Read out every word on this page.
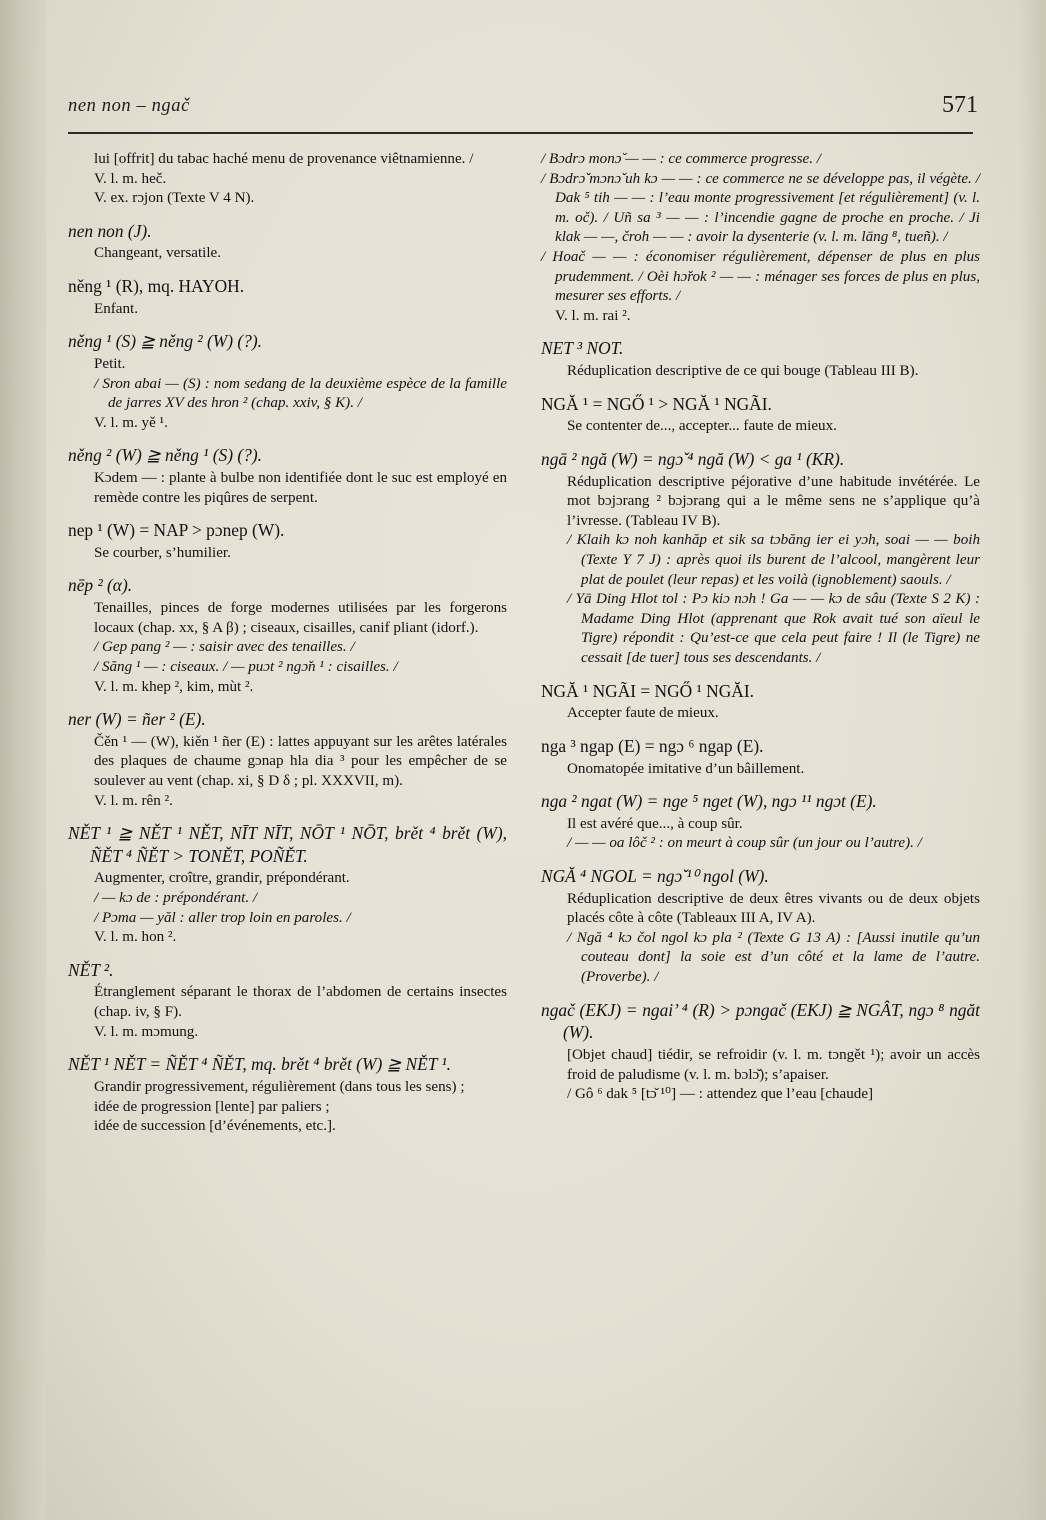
nen non – ngač	571
lui [offrit] du tabac haché menu de provenance viêtnamienne. /
V. l. m. heč.
V. ex. rɔjon (Texte V 4 N).
nen non (J).
Changeant, versatile.
něng ¹ (R), mq. HAYOH.
Enfant.
něng ¹ (S) ≧ něng ² (W) (?).
Petit.
/ Sron abai — (S) : nom sedang de la deuxième espèce de la famille de jarres XV des hron ² (chap. xxiv, § K). /
V. l. m. yě ¹.
něng ² (W) ≧ něng ¹ (S) (?).
Kɔdem — : plante à bulbe non identifiée dont le suc est employé en remède contre les piqûres de serpent.
nep ¹ (W) = NAP > pɔnep (W).
Se courber, s’humilier.
nēp ² (α).
Tenailles, pinces de forge modernes utilisées par les forgerons locaux (chap. xx, § A β) ; ciseaux, cisailles, canif pliant (idorf.).
/ Gep pang ² — : saisir avec des tenailles. /
/ Săng ¹ — : ciseaux. / — puɔt ² ngɔ̌n ¹ : cisailles. /
V. l. m. khep ², kim, mùt ².
ner (W) = ñer ² (E).
Čěn ¹ — (W), kiěn ¹ ñer (E) : lattes appuyant sur les arêtes latérales des plaques de chaume gɔnap hla dia ³ pour les empêcher de se soulever au vent (chap. xi, § D δ ; pl. XXXVII, m).
V. l. m. rên ².
NĚT ¹ ≧ NĚT ¹ NĚT, NĪT NĪT, NŌT ¹ NŌT, brět ⁴ brět (W), ÑĚT ⁴ ÑĚT > TONĚT, POÑĚT.
Augmenter, croître, grandir, prépondérant.
/ — kɔ de : prépondérant. /
/ Pɔma — yăl : aller trop loin en paroles. /
V. l. m. hon ².
NĚT ².
Étranglement séparant le thorax de l’abdomen de certains insectes (chap. iv, § F).
V. l. m. mɔmung.
NĚT ¹ NĚT = ÑĚT ⁴ ÑĚT, mq. brět ⁴ brět (W) ≧ NĚT ¹.
Grandir progressivement, régulièrement (dans tous les sens) ;
idée de progression [lente] par paliers ;
idée de succession [d’événements, etc.].
/ Bɔdrɔ monɔ̌ — — : ce commerce progresse. /
/ Bɔdrɔ̌ mɔnɔ̌ uh kɔ — — : ce commerce ne se développe pas, il végète. / Dak ⁵ tih — — : l’eau monte progressivement [et régulièrement] (v. l. m. oč). / Uñ sa ³ — — : l’incendie gagne de proche en proche. / Ji klak — —, čroh — — : avoir la dysenterie (v. l. m. lāng ⁸, tueñ). /
/ Hoač — — : économiser régulièrement, dépenser de plus en plus prudemment. / Oèi hɔ̌rok ² — — : ménager ses forces de plus en plus, mesurer ses efforts. /
V. l. m. rai ².
NET ³ NOT.
Réduplication descriptive de ce qui bouge (Tableau III B).
NGĂ ¹ = NGŐ ¹ > NGĂ ¹ NGÃI.
Se contenter de..., accepter... faute de mieux.
ngā ² ngă (W) = ngɔ̌ ⁴ ngă (W) < ga ¹ (KR).
Réduplication descriptive péjorative d’une habitude invétérée. Le mot bɔjɔrang ² bɔjɔrang qui a le même sens ne s’applique qu’à l’ivresse. (Tableau IV B).
/ Klaih kɔ noh kanhăp et sik sa tɔbăng ier ei yɔh, soai — — boih (Texte Y 7 J) : après quoi ils burent de l’alcool, mangèrent leur plat de poulet (leur repas) et les voilà (ignoblement) saouls. /
/ Yā Ding Hlot tol : Pɔ kiɔ nɔh ! Ga — — kɔ de sâu (Texte S 2 K) : Madame Ding Hlot (apprenant que Rok avait tué son aïeul le Tigre) répondit : Qu’est-ce que cela peut faire ! Il (le Tigre) ne cessait [de tuer] tous ses descendants. /
NGĂ ¹ NGÃI = NGŐ ¹ NGĂI.
Accepter faute de mieux.
nga ³ ngap (E) = ngɔ ⁶ ngap (E).
Onomatopée imitative d’un bâillement.
nga ² ngat (W) = nge ⁵ nget (W), ngɔ ¹¹ ngɔt (E).
Il est avéré que..., à coup sûr.
/ — — oa lôč ² : on meurt à coup sûr (un jour ou l’autre). /
NGĂ ⁴ NGOL = ngɔ̌ ¹⁰ ngol (W).
Réduplication descriptive de deux êtres vivants ou de deux objets placés côte à côte (Tableaux III A, IV A).
/ Ngă ⁴ kɔ čol ngol kɔ pla ² (Texte G 13 A) : [Aussi inutile qu’un couteau dont] la soie est d’un côté et la lame de l’autre. (Proverbe). /
ngač (EKJ) = ngai’ ⁴ (R) > pɔngač (EKJ) ≧ NGÂT, ngɔ ⁸ ngăt (W).
[Objet chaud] tiédir, se refroidir (v. l. m. tɔngět ¹); avoir un accès froid de paludisme (v. l. m. bɔlɔ̌); s’apaiser.
/ Gô ⁶ dak ⁵ [tɔ̌ ¹⁰] — : attendez que l’eau [chaude]
